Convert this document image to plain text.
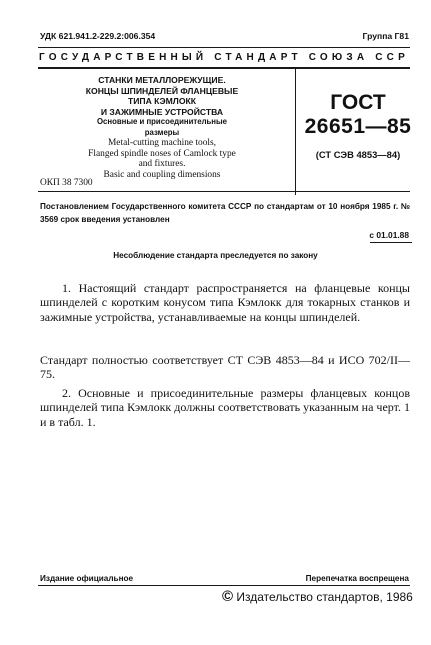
УДК 621.941.2-229.2:006.354	Группа Г81
ГОСУДАРСТВЕННЫЙ СТАНДАРТ СОЮЗА ССР
СТАНКИ МЕТАЛЛОРЕЖУЩИЕ.
КОНЦЫ ШПИНДЕЛЕЙ ФЛАНЦЕВЫЕ
ТИПА КЭМЛОКК
И ЗАЖИМНЫЕ УСТРОЙСТВА
Основные и присоединительные
размеры
Metal-cutting machine tools,
Flanged spindle noses of Camlock type
and fixtures.
Basic and coupling dimensions
ГОСТ
26651—85
(СТ СЭВ 4853—84)
ОКП 38 7300
Постановлением Государственного комитета СССР по стандартам от 10 ноября 1985 г. № 3569 срок введения установлен
с 01.01.88
Несоблюдение стандарта преследуется по закону
1. Настоящий стандарт распространяется на фланцевые концы шпинделей с коротким конусом типа Кэмлокк для токарных станков и зажимные устройства, устанавливаемые на концы шпинделей.
Стандарт полностью соответствует СТ СЭВ 4853—84 и ИСО 702/II—75.
2. Основные и присоединительные размеры фланцевых концов шпинделей типа Кэмлокк должны соответствовать указанным на черт. 1 и в табл. 1.
Издание официальное	Перепечатка воспрещена
© Издательство стандартов, 1986
